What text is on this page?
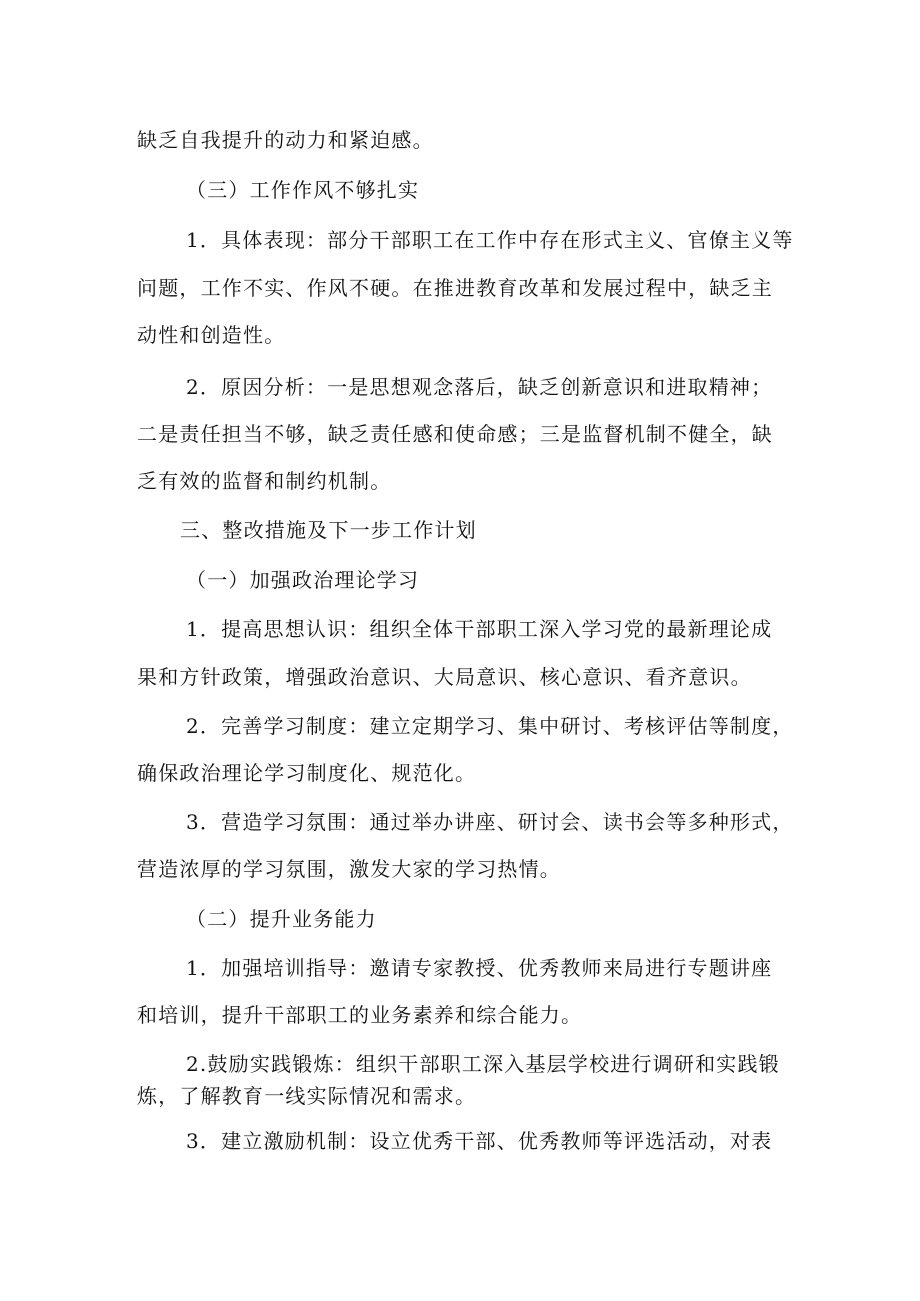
缺乏自我提升的动力和紧迫感。
（三）工作作风不够扎实
1．具体表现：部分干部职工在工作中存在形式主义、官僚主义等
问题，工作不实、作风不硬。在推进教育改革和发展过程中，缺乏主
动性和创造性。
2．原因分析：一是思想观念落后，缺乏创新意识和进取精神；
二是责任担当不够，缺乏责任感和使命感；三是监督机制不健全，缺
乏有效的监督和制约机制。
三、整改措施及下一步工作计划
（一）加强政治理论学习
1．提高思想认识：组织全体干部职工深入学习党的最新理论成
果和方针政策，增强政治意识、大局意识、核心意识、看齐意识。
2．完善学习制度：建立定期学习、集中研讨、考核评估等制度，
确保政治理论学习制度化、规范化。
3．营造学习氛围：通过举办讲座、研讨会、读书会等多种形式，
营造浓厚的学习氛围，激发大家的学习热情。
（二）提升业务能力
1．加强培训指导：邀请专家教授、优秀教师来局进行专题讲座
和培训，提升干部职工的业务素养和综合能力。
2.鼓励实践锻炼：组织干部职工深入基层学校进行调研和实践锻
炼，了解教育一线实际情况和需求。
3．建立激励机制：设立优秀干部、优秀教师等评选活动，对表
